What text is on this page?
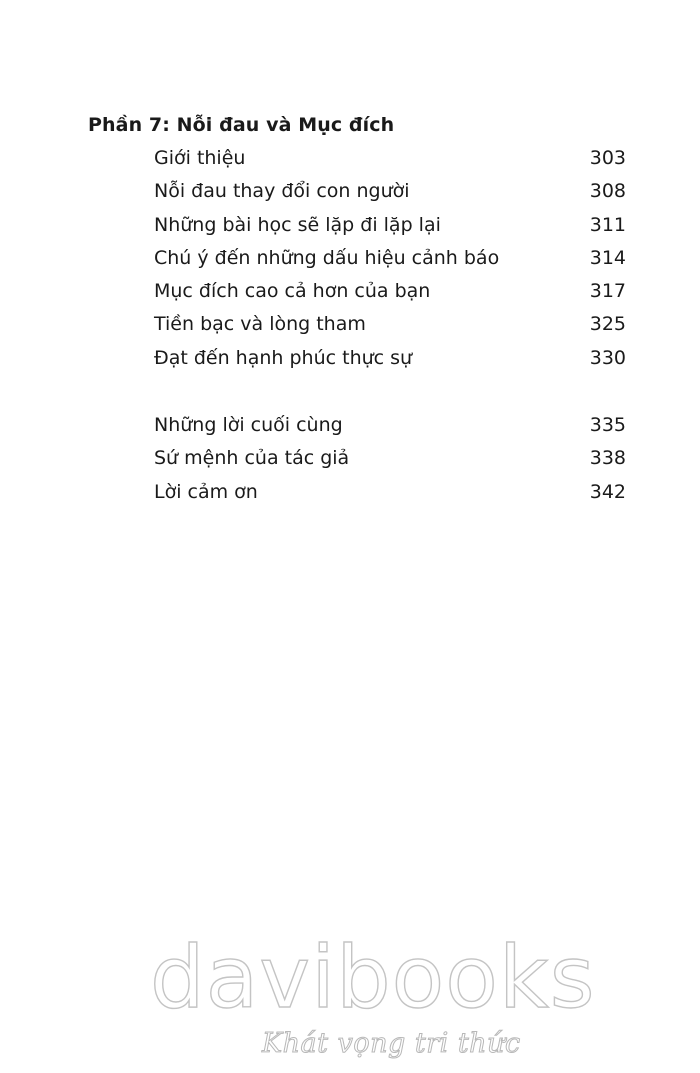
Phần 7: Nỗi đau và Mục đích
Giới thiệu	303
Nỗi đau thay đổi con người	308
Những bài học sẽ lặp đi lặp lại	311
Chú ý đến những dấu hiệu cảnh báo	314
Mục đích cao cả hơn của bạn	317
Tiền bạc và lòng tham	325
Đạt đến hạnh phúc thực sự	330
Những lời cuối cùng	335
Sứ mệnh của tác giả	338
Lời cảm ơn	342
davibooks
Khát vọng tri thức
